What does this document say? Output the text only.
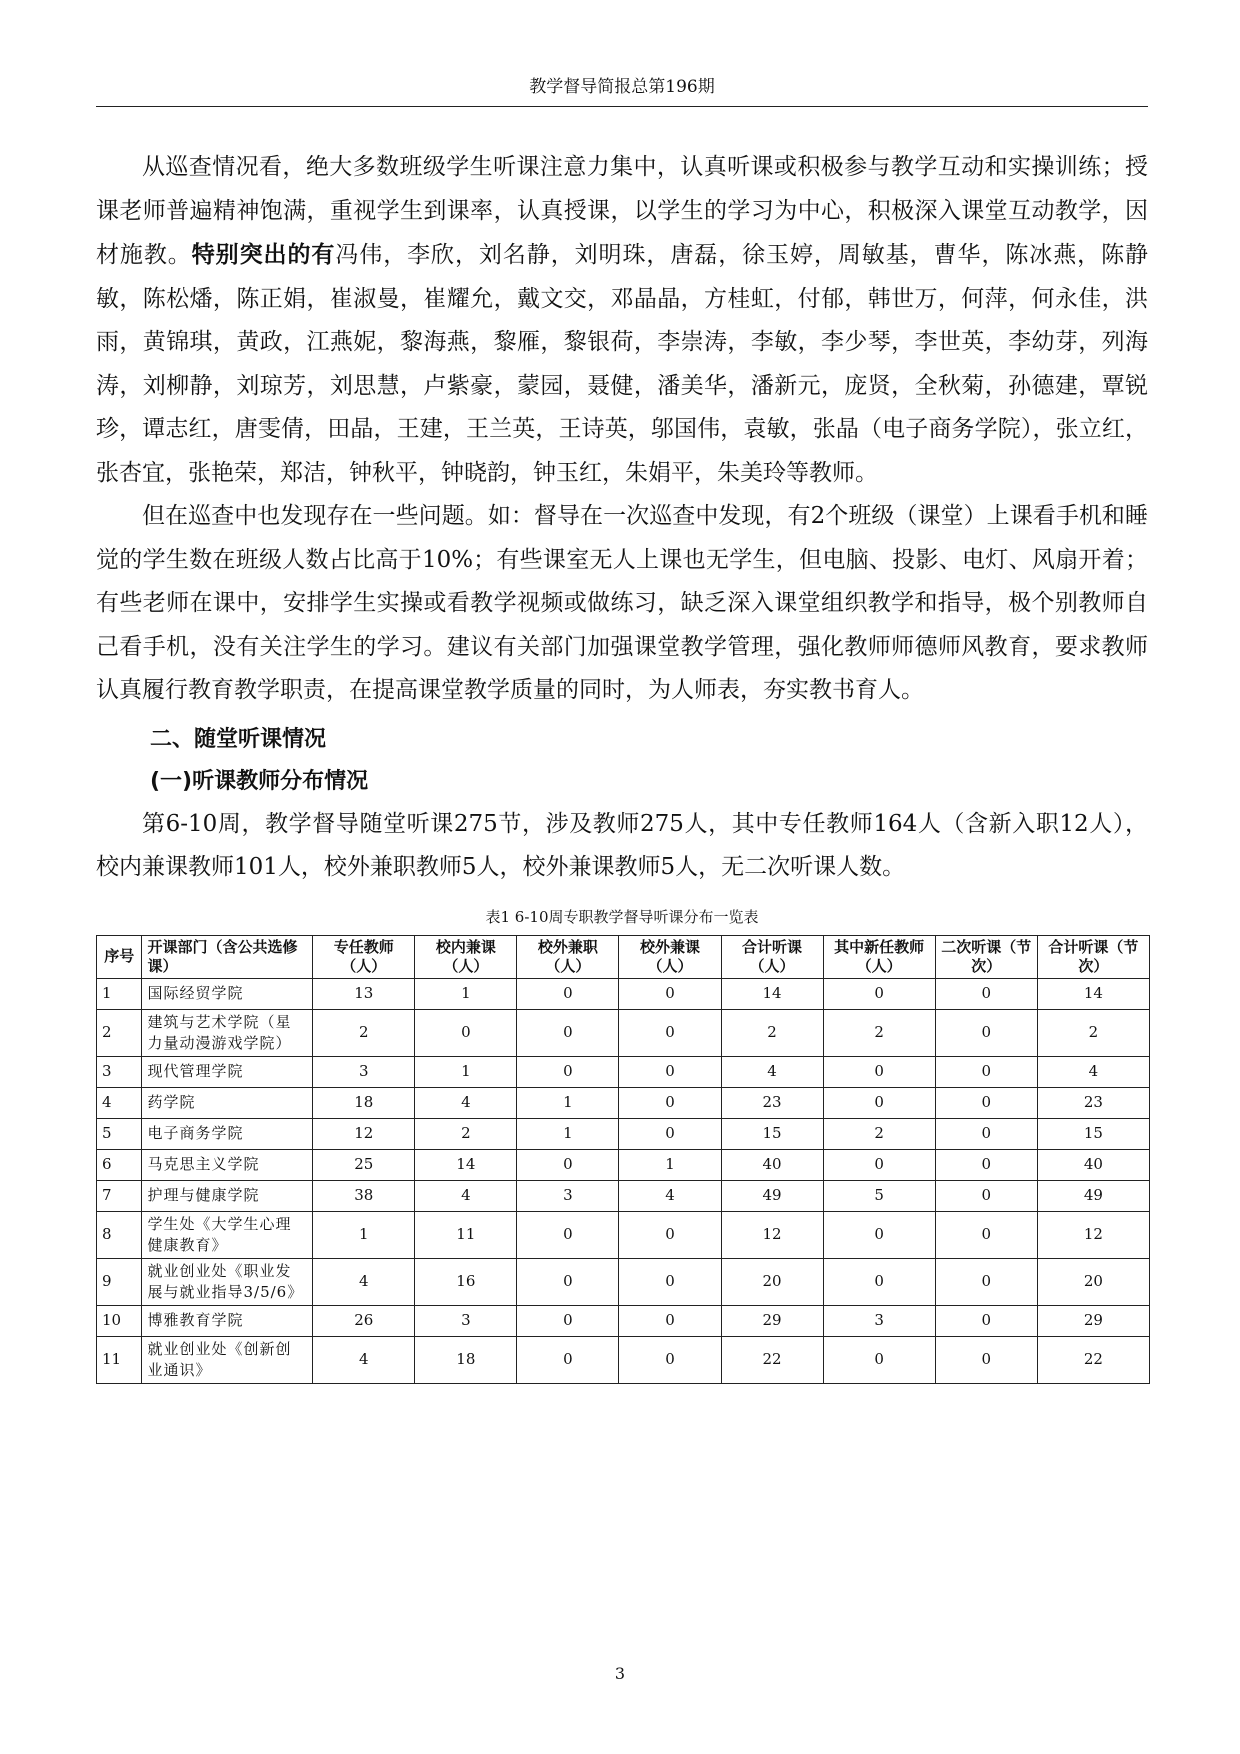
教学督导简报总第196期

从巡查情况看，绝大多数班级学生听课注意力集中，认真听课或积极参与教学互动和实操训练；授课老师普遍精神饱满，重视学生到课率，认真授课，以学生的学习为中心，积极深入课堂互动教学，因材施教。特别突出的有冯伟，李欣，刘名静，刘明珠，唐磊，徐玉婷，周敏基，曹华，陈冰燕，陈静敏，陈松燔，陈正娟，崔淑曼，崔耀允，戴文交，邓晶晶，方桂虹，付郁，韩世万，何萍，何永佳，洪雨，黄锦琪，黄政，江燕妮，黎海燕，黎雁，黎银荷，李崇涛，李敏，李少琴，李世英，李幼芽，列海涛，刘柳静，刘琼芳，刘思慧，卢紫豪，蒙园，聂健，潘美华，潘新元，庞贤，全秋菊，孙德建，覃锐珍，谭志红，唐雯倩，田晶，王建，王兰英，王诗英，邬国伟，袁敏，张晶（电子商务学院），张立红，张杏宜，张艳荣，郑洁，钟秋平，钟晓韵，钟玉红，朱娟平，朱美玲等教师。

但在巡查中也发现存在一些问题。如：督导在一次巡查中发现，有2个班级（课堂）上课看手机和睡觉的学生数在班级人数占比高于10%；有些课室无人上课也无学生，但电脑、投影、电灯、风扇开着；有些老师在课中，安排学生实操或看教学视频或做练习，缺乏深入课堂组织教学和指导，极个别教师自己看手机，没有关注学生的学习。建议有关部门加强课堂教学管理，强化教师师德师风教育，要求教师认真履行教育教学职责，在提高课堂教学质量的同时，为人师表，夯实教书育人。

二、随堂听课情况
(一)听课教师分布情况

第6-10周，教学督导随堂听课275节，涉及教师275人，其中专任教师164人（含新入职12人），校内兼课教师101人，校外兼职教师5人，校外兼课教师5人，无二次听课人数。

表1 6-10周专职教学督导听课分布一览表
序号	开课部门（含公共选修课）	专任教师（人）	校内兼课（人）	校外兼职（人）	校外兼课（人）	合计听课（人）	其中新任教师（人）	二次听课（节次）	合计听课（节次）
1	国际经贸学院	13	1	0	0	14	0	0	14
2	建筑与艺术学院（星力量动漫游戏学院）	2	0	0	0	2	2	0	2
3	现代管理学院	3	1	0	0	4	0	0	4
4	药学院	18	4	1	0	23	0	0	23
5	电子商务学院	12	2	1	0	15	2	0	15
6	马克思主义学院	25	14	0	1	40	0	0	40
7	护理与健康学院	38	4	3	4	49	5	0	49
8	学生处《大学生心理健康教育》	1	11	0	0	12	0	0	12
9	就业创业处《职业发展与就业指导3/5/6》	4	16	0	0	20	0	0	20
10	博雅教育学院	26	3	0	0	29	3	0	29
11	就业创业处《创新创业通识》	4	18	0	0	22	0	0	22
3
